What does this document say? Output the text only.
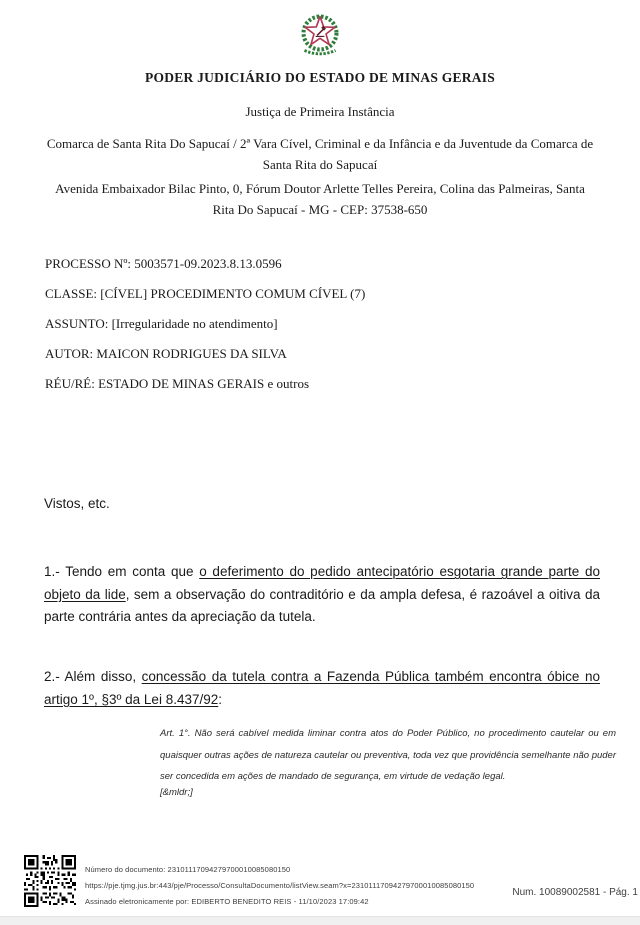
PODER JUDICIÁRIO DO ESTADO DE MINAS GERAIS
Justiça de Primeira Instância
Comarca de Santa Rita Do Sapucaí / 2ª Vara Cível, Criminal e da Infância e da Juventude da Comarca de
Santa Rita do Sapucaí
Avenida Embaixador Bilac Pinto, 0, Fórum Doutor Arlette Telles Pereira, Colina das Palmeiras, Santa
Rita Do Sapucaí - MG - CEP: 37538-650
PROCESSO Nº: 5003571-09.2023.8.13.0596
CLASSE: [CÍVEL] PROCEDIMENTO COMUM CÍVEL (7)
ASSUNTO: [Irregularidade no atendimento]
AUTOR: MAICON RODRIGUES DA SILVA
RÉU/RÉ: ESTADO DE MINAS GERAIS e outros
Vistos, etc.

1.- Tendo em conta que o deferimento do pedido antecipatório esgotaria grande parte do objeto da lide, sem a observação do contraditório e da ampla defesa, é razoável a oitiva da parte contrária antes da apreciação da tutela.

2.- Além disso, concessão da tutela contra a Fazenda Pública também encontra óbice no artigo 1º, §3º da Lei 8.437/92:

Art. 1°. Não será cabível medida liminar contra atos do Poder Público, no procedimento cautelar ou em quaisquer outras ações de natureza cautelar ou preventiva, toda vez que providência semelhante não puder ser concedida em ações de mandado de segurança, em virtude de vedação legal.

[&mldr;]

Número do documento: 23101117094279700010085080150
https://pje.tjmg.jus.br:443/pje/Processo/ConsultaDocumento/listView.seam?x=23101117094279700010085080150
Assinado eletronicamente por: EDIBERTO BENEDITO REIS - 11/10/2023 17:09:42
Num. 10089002581 - Pág. 1
